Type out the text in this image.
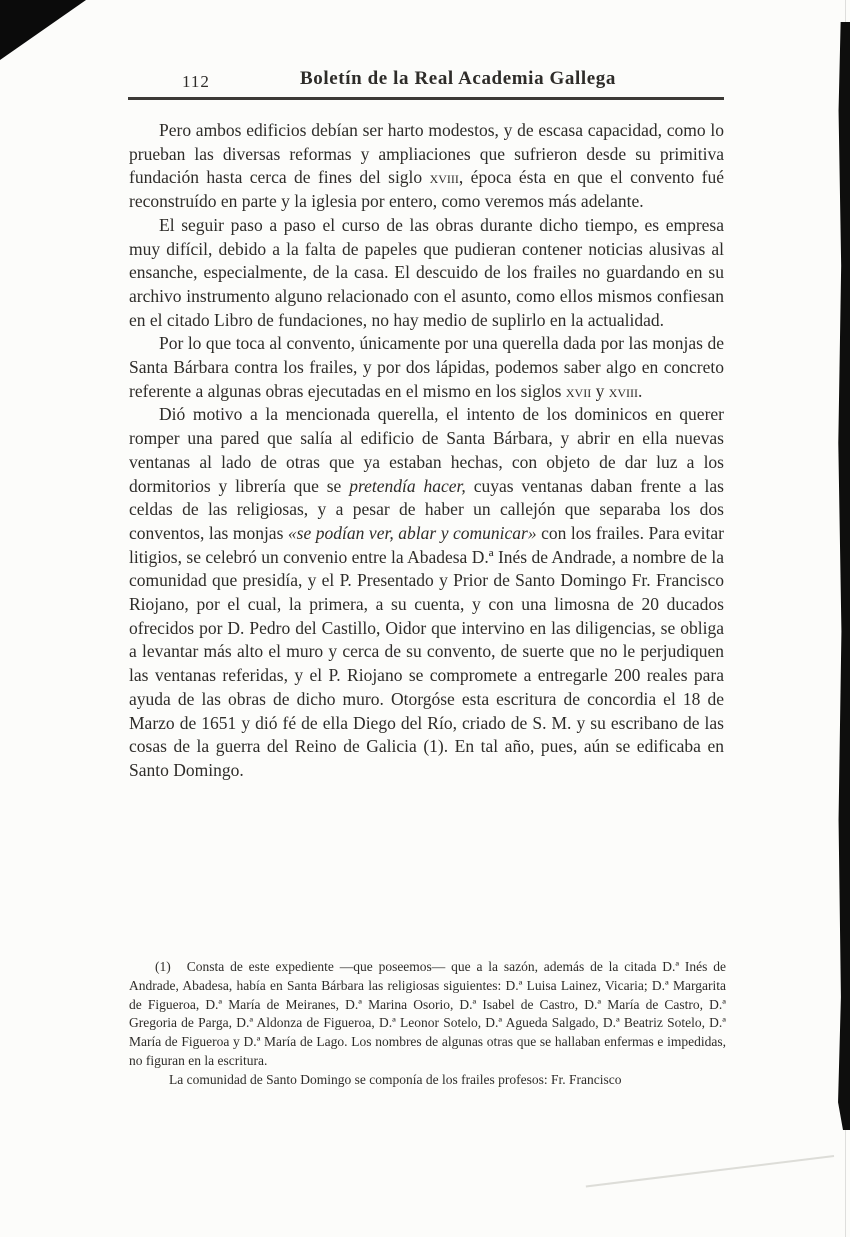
112	Boletín de la Real Academia Gallega

Pero ambos edificios debían ser harto modestos, y de escasa capacidad, como lo prueban las diversas reformas y ampliaciones que sufrieron desde su primitiva fundación hasta cerca de fines del siglo xviii, época ésta en que el convento fué reconstruído en parte y la iglesia por entero, como veremos más adelante.

El seguir paso a paso el curso de las obras durante dicho tiempo, es empresa muy difícil, debido a la falta de papeles que pudieran contener noticias alusivas al ensanche, especialmente, de la casa. El descuido de los frailes no guardando en su archivo instrumento alguno relacionado con el asunto, como ellos mismos confiesan en el citado Libro de fundaciones, no hay medio de suplirlo en la actualidad.

Por lo que toca al convento, únicamente por una querella dada por las monjas de Santa Bárbara contra los frailes, y por dos lápidas, podemos saber algo en concreto referente a algunas obras ejecutadas en el mismo en los siglos xvii y xviii.

Dió motivo a la mencionada querella, el intento de los dominicos en querer romper una pared que salía al edificio de Santa Bárbara, y abrir en ella nuevas ventanas al lado de otras que ya estaban hechas, con objeto de dar luz a los dormitorios y librería que se pretendía hacer, cuyas ventanas daban frente a las celdas de las religiosas, y a pesar de haber un callejón que separaba los dos conventos, las monjas «se podían ver, ablar y comunicar» con los frailes. Para evitar litigios, se celebró un convenio entre la Abadesa D.ª Inés de Andrade, a nombre de la comunidad que presidía, y el P. Presentado y Prior de Santo Domingo Fr. Francisco Riojano, por el cual, la primera, a su cuenta, y con una limosna de 20 ducados ofrecidos por D. Pedro del Castillo, Oidor que intervino en las diligencias, se obliga a levantar más alto el muro y cerca de su convento, de suerte que no le perjudiquen las ventanas referidas, y el P. Riojano se compromete a entregarle 200 reales para ayuda de las obras de dicho muro. Otorgóse esta escritura de concordia el 18 de Marzo de 1651 y dió fé de ella Diego del Río, criado de S. M. y su escribano de las cosas de la guerra del Reino de Galicia (1). En tal año, pues, aún se edificaba en Santo Domingo.

(1) Consta de este expediente —que poseemos— que a la sazón, además de la citada D.ª Inés de Andrade, Abadesa, había en Santa Bárbara las religiosas siguientes: D.ª Luisa Lainez, Vicaria; D.ª Margarita de Figueroa, D.ª María de Meiranes, D.ª Marina Osorio, D.ª Isabel de Castro, D.ª María de Castro, D.ª Gregoria de Parga, D.ª Aldonza de Figueroa, D.ª Leonor Sotelo, D.ª Agueda Salgado, D.ª Beatriz Sotelo, D.ª María de Figueroa y D.ª María de Lago. Los nombres de algunas otras que se hallaban enfermas e impedidas, no figuran en la escritura.

La comunidad de Santo Domingo se componía de los frailes profesos: Fr. Francisco
